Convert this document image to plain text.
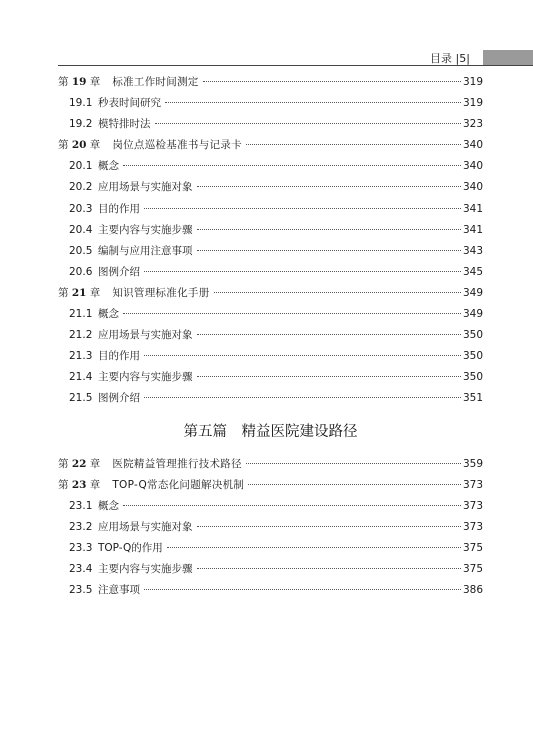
目录 |5|
第 19 章 标准工作时间测定	319
19.1 秒表时间研究	319
19.2 模特排时法	323
第 20 章 岗位点巡检基准书与记录卡	340
20.1 概念	340
20.2 应用场景与实施对象	340
20.3 目的作用	341
20.4 主要内容与实施步骤	341
20.5 编制与应用注意事项	343
20.6 图例介绍	345
第 21 章 知识管理标准化手册	349
21.1 概念	349
21.2 应用场景与实施对象	350
21.3 目的作用	350
21.4 主要内容与实施步骤	350
21.5 图例介绍	351
第五篇　精益医院建设路径
第 22 章 医院精益管理推行技术路径	359
第 23 章 TOP-Q常态化问题解决机制	373
23.1 概念	373
23.2 应用场景与实施对象	373
23.3 TOP-Q的作用	375
23.4 主要内容与实施步骤	375
23.5 注意事项	386
